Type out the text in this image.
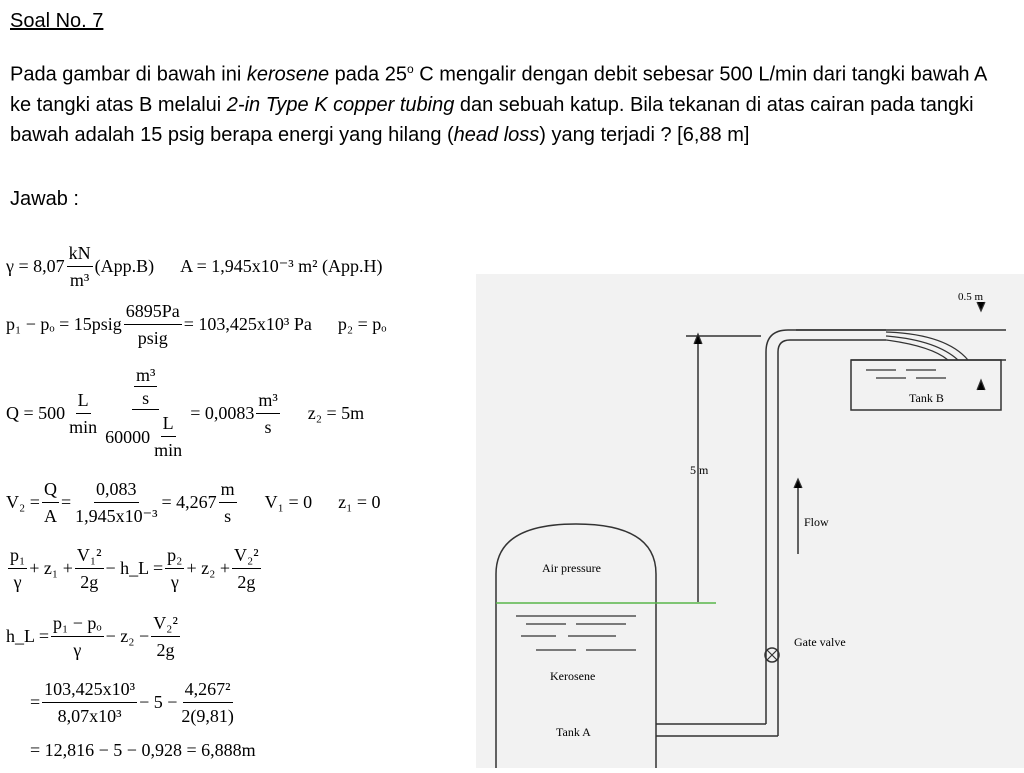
Soal No. 7
Pada gambar di bawah ini kerosene pada 25$^o$ C mengalir dengan debit sebesar 500 L/min dari tangki bawah A ke tangki atas B melalui 2-in Type K copper tubing dan sebuah katup. Bila tekanan di atas cairan pada tangki bawah adalah 15 psig berapa energi yang hilang (head loss) yang terjadi ? [6,88 m]
Jawab :
γ = 8,07
kN
m³
(App.B) A = 1,945x10⁻³ m² (App.H)
p₁ − pₒ = 15psig
6895Pa
psig
= 103,425x10³ Pa p₂ = pₒ
Q = 500
L
min
m³
s
60000
L
min
= 0,0083
m³
s
z₂ = 5m
$V_2 = \frac{Q}{A} = \frac{0,083}{\text{1,945x10⁻³}} = 4,267$
m
s
V₁ = 0 z₁ = 0
p₁
γ
+ $z_1 + \frac{\text{V₁²}}{2g}$ − h_L = $\frac{\text{p₂}}{\gamma} + z_2 + \frac{\text{V₂²}}{2g}$
h_L = $\frac{\text{p₁ − pₒ}}{\gamma} - z_2 - \frac{\text{V₂²}}{2g}$
= $\frac{\text{103,425x10³}}{\text{8,07x10³}} - 5 - \frac{\text{4,267²}}{2(9,81)}$
= 12,816 − 5 − 0,928 = 6,888m
0.5 m
Tank B
5 m
Flow
Air pressure
Gate valve
Kerosene
Tank A
